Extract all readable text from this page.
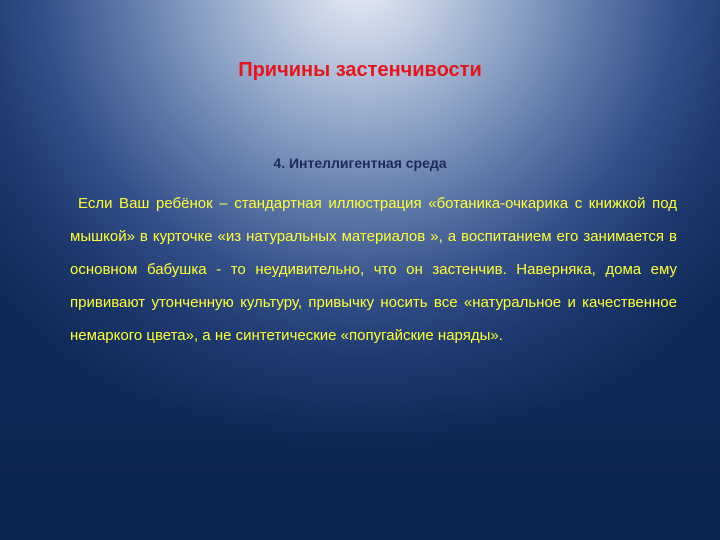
Причины застенчивости
4. Интеллигентная среда

Если Ваш ребёнок – стандартная иллюстрация «ботаника-очкарика с книжкой под мышкой» в курточке «из натуральных материалов », а воспитанием его занимается в основном бабушка - то неудивительно, что он застенчив. Наверняка, дома ему прививают утонченную культуру, привычку носить все «натуральное и качественное немаркого цвета», а не синтетические «попугайские наряды».
